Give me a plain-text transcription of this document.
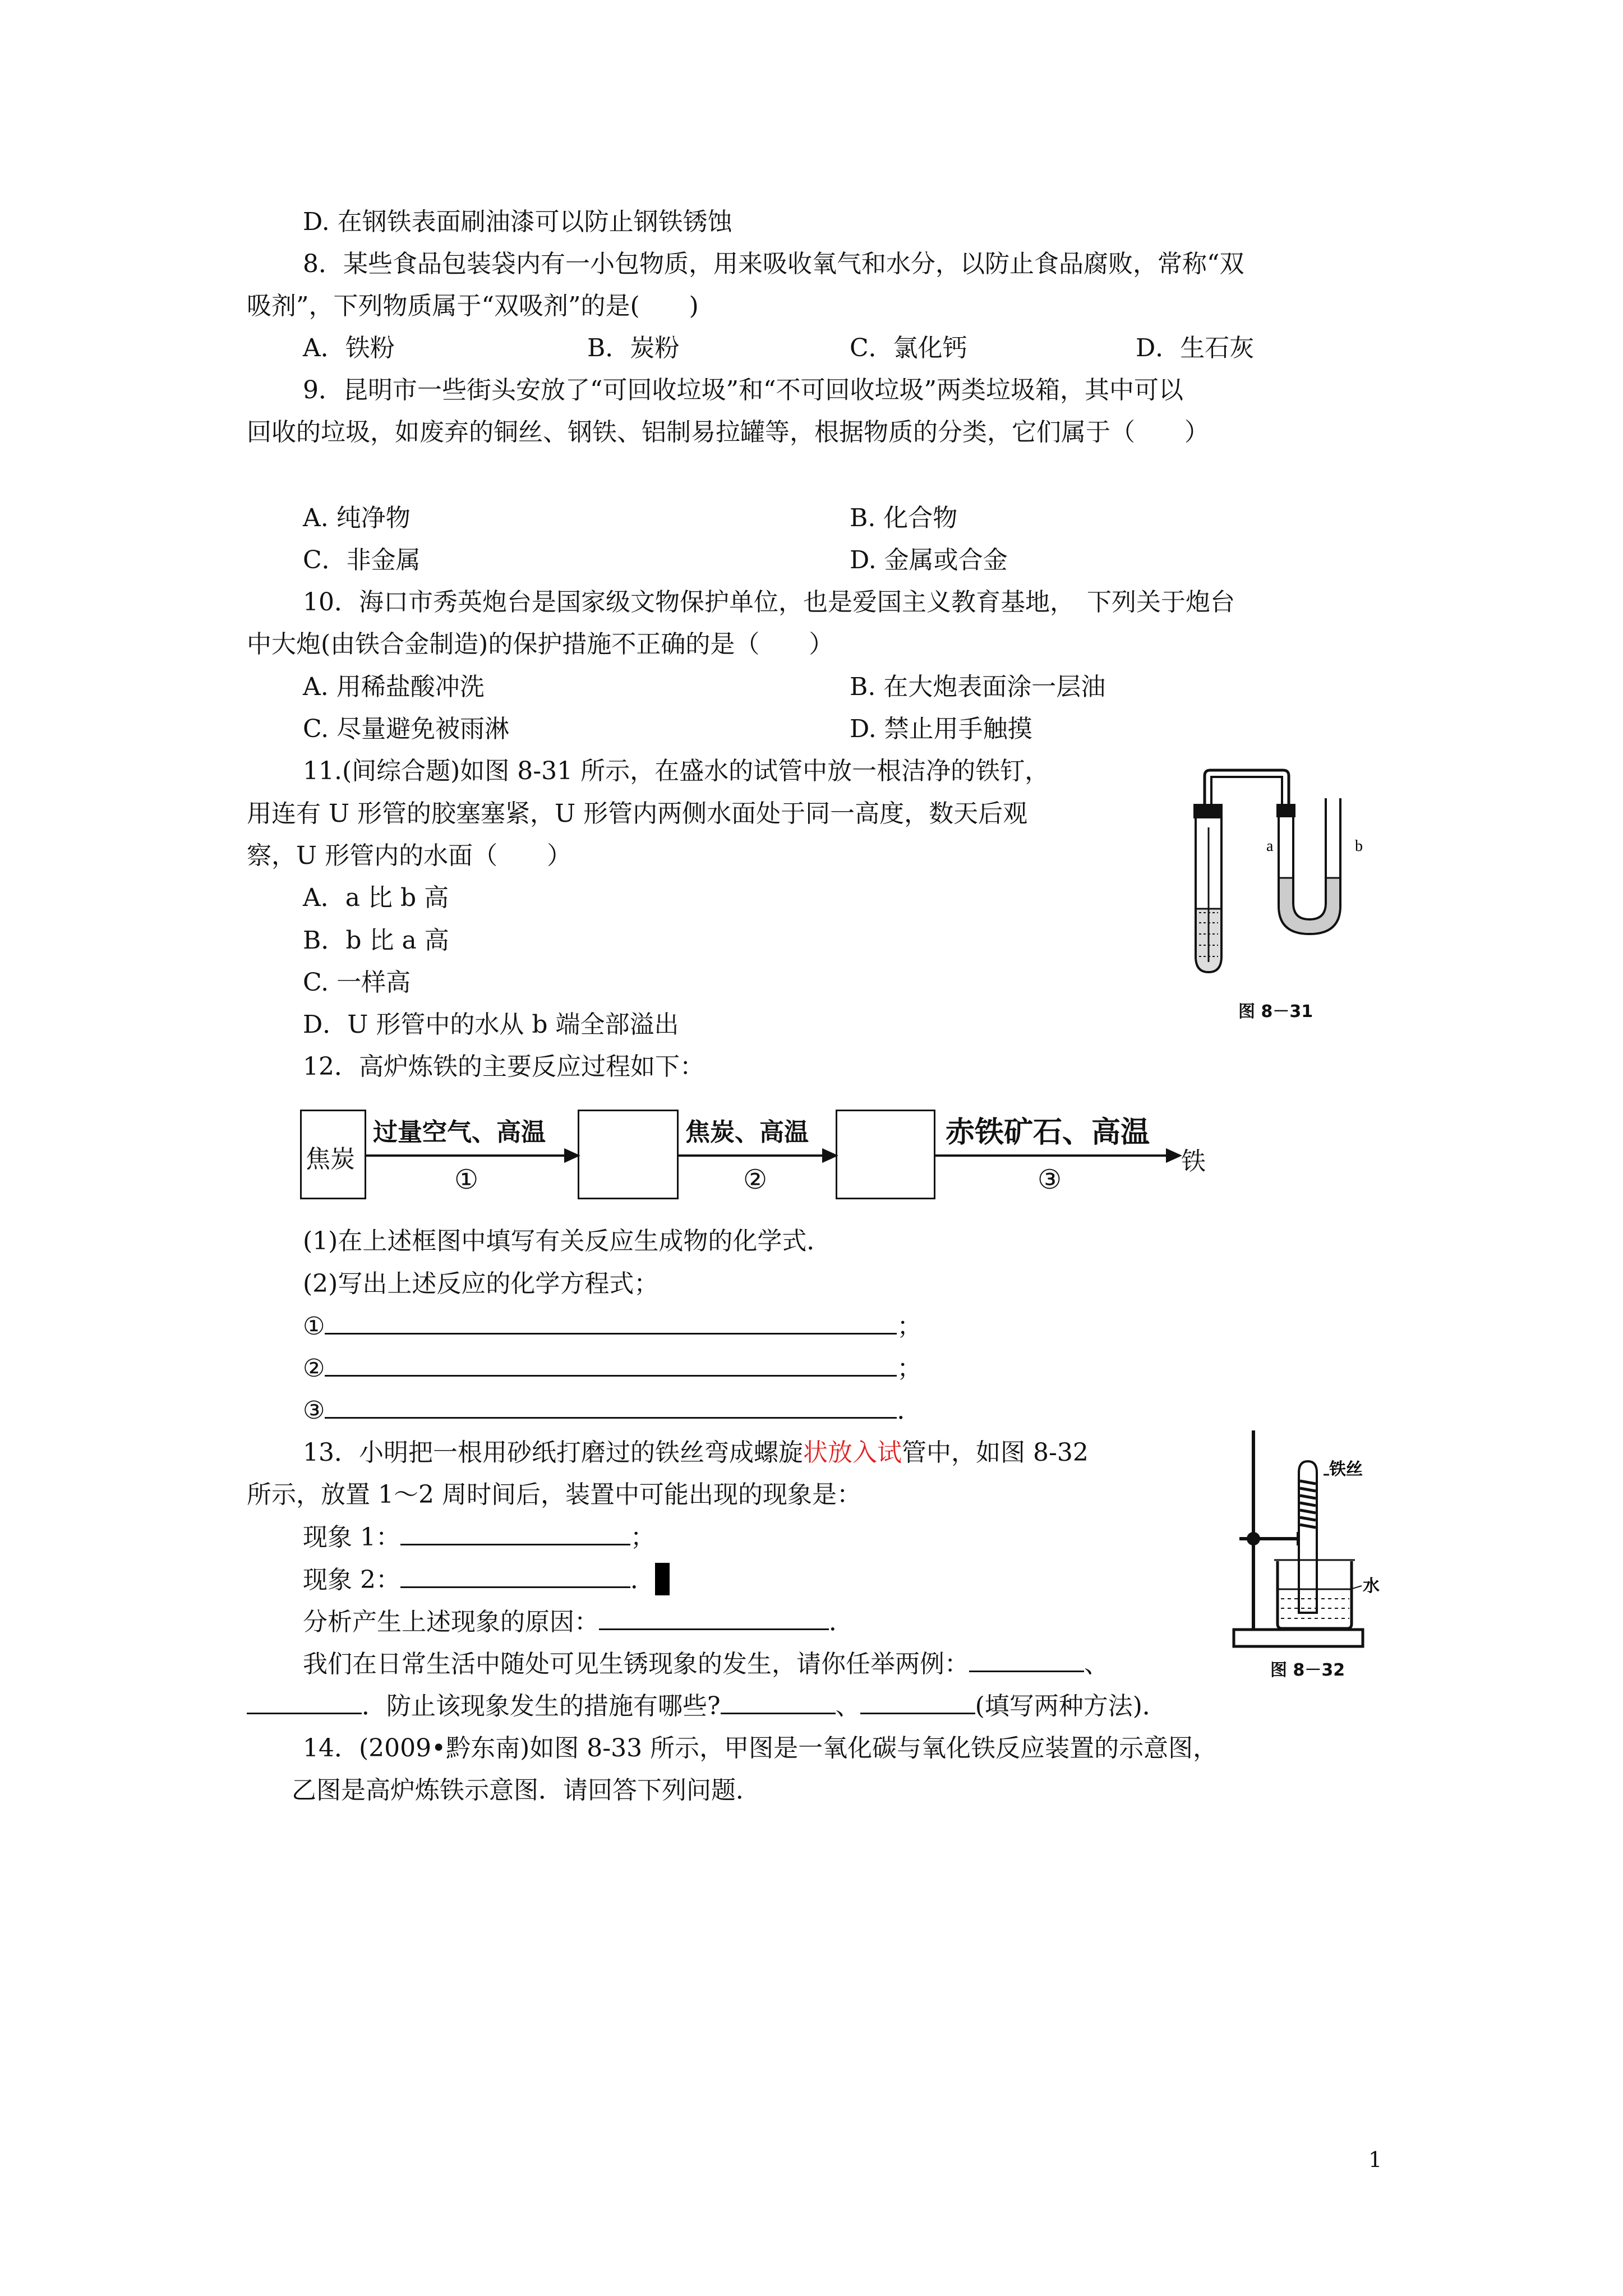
D. 在钢铁表面刷油漆可以防止钢铁锈蚀
8．某些食品包装袋内有一小包物质，用来吸收氧气和水分，以防止食品腐败，常称“双
吸剂”，下列物质属于“双吸剂”的是(　　)
A．铁粉	B．炭粉	C．氯化钙	D．生石灰
9．昆明市一些街头安放了“可回收垃圾”和“不可回收垃圾”两类垃圾箱，其中可以
回收的垃圾，如废弃的铜丝、钢铁、铝制易拉罐等，根据物质的分类，它们属于（　　）
A. 纯净物	B. 化合物
C．非金属	D. 金属或合金
10．海口市秀英炮台是国家级文物保护单位，也是爱国主义教育基地，　下列关于炮台
中大炮(由铁合金制造)的保护措施不正确的是（　　）
A. 用稀盐酸冲洗	B. 在大炮表面涂一层油
C. 尽量避免被雨淋	D. 禁止用手触摸
11.(间综合题)如图 8-31 所示，在盛水的试管中放一根洁净的铁钉，
用连有 U 形管的胶塞塞紧，U 形管内两侧水面处于同一高度，数天后观
察，U 形管内的水面（　　）
A．a 比 b 高
B．b 比 a 高
C. 一样高
D．U 形管中的水从 b 端全部溢出
a	b
图 8－31
12．高炉炼铁的主要反应过程如下：
焦炭
过量空气、高温
①
焦炭、高温
②
赤铁矿石、高温
③
铁
(1)在上述框图中填写有关反应生成物的化学式．
(2)写出上述反应的化学方程式；
①	；
②	；
③	．
13．小明把一根用砂纸打磨过的铁丝弯成螺旋状放入试管中，如图 8-32
所示，放置 1～2 周时间后，装置中可能出现的现象是：
现象 1：	；
现象 2：	．
分析产生上述现象的原因：	．
我们在日常生活中随处可见生锈现象的发生，请你任举两例：	、
．防止该现象发生的措施有哪些?	、	(填写两种方法)．
铁丝
水
图 8－32
14．(2009•黔东南)如图 8-33 所示，甲图是一氧化碳与氧化铁反应装置的示意图，
乙图是高炉炼铁示意图．请回答下列问题．
1
